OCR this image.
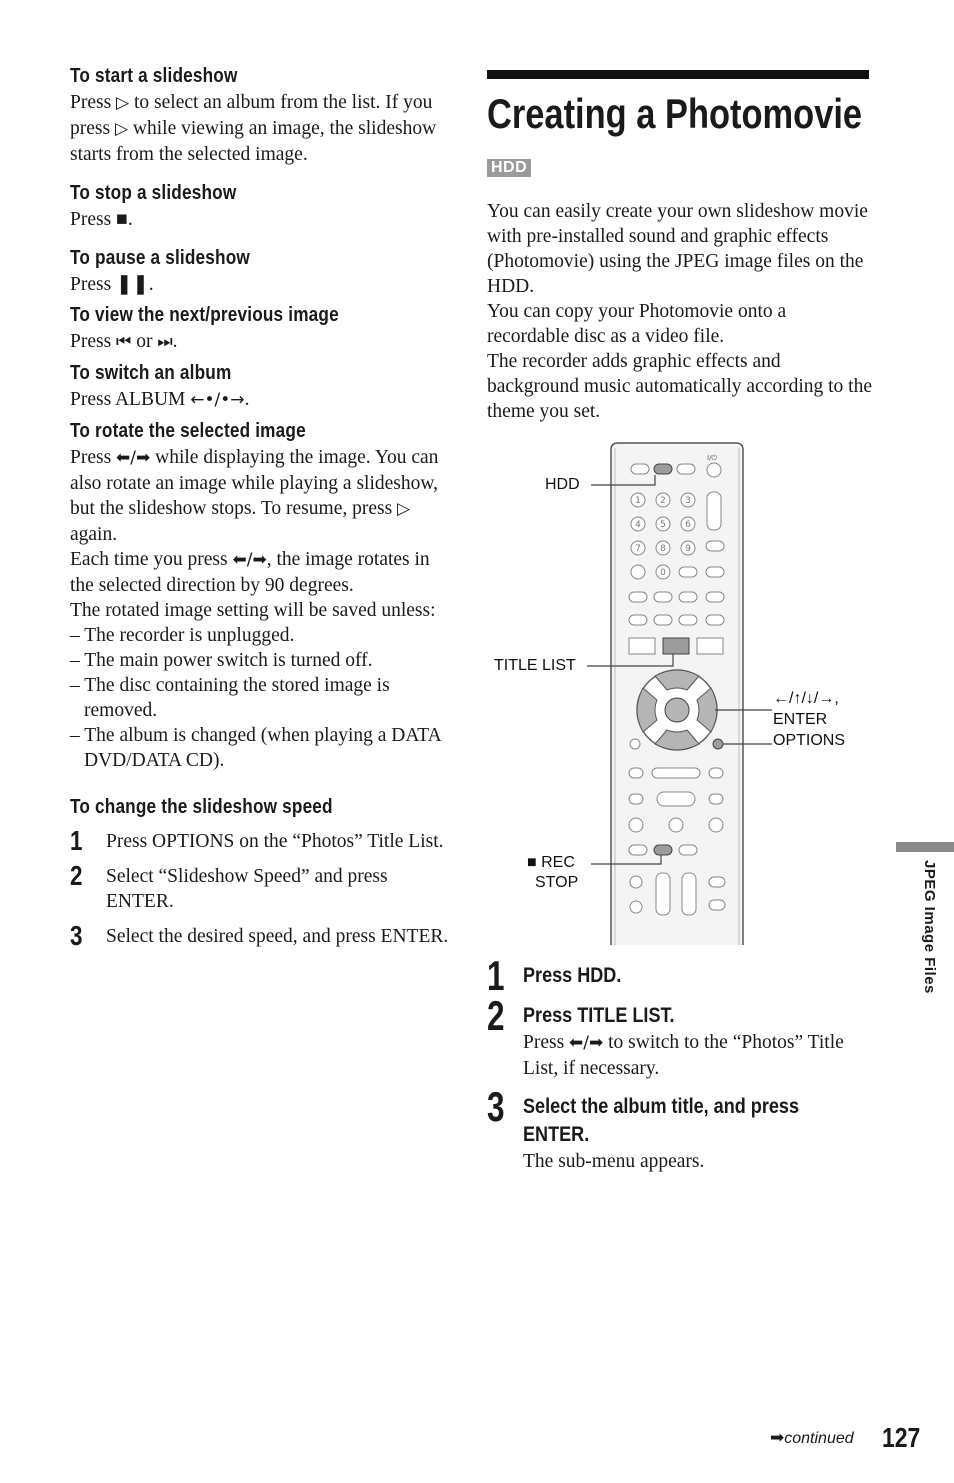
To start a slideshow

Press ▷ to select an album from the list. If you press ▷ while viewing an image, the slideshow starts from the selected image.

To stop a slideshow

Press ■.

To pause a slideshow

Press ❚❚.

To view the next/previous image

Press ⏮ or ⏭.

To switch an album

Press ALBUM ←•/•→.

To rotate the selected image

Press ⬅/➡ while displaying the image. You can also rotate an image while playing a slideshow, but the slideshow stops. To resume, press ▷ again.

Each time you press ⬅/➡, the image rotates in the selected direction by 90 degrees.

The rotated image setting will be saved unless:

– The recorder is unplugged.

– The main power switch is turned off.

– The disc containing the stored image is removed.

– The album is changed (when playing a DATA DVD/DATA CD).

To change the slideshow speed
1 Press OPTIONS on the “Photos” Title List.

2 Select “Slideshow Speed” and press ENTER.

3 Select the desired speed, and press ENTER.

Creating a Photomovie
HDD

You can easily create your own slideshow movie with pre-installed sound and graphic effects (Photomovie) using the JPEG image files on the HDD.

You can copy your Photomovie onto a recordable disc as a video file.

The recorder adds graphic effects and background music automatically according to the theme you set.

I/⏻
1 2 3
4 5 6
7 8 9
0
HDD
TITLE LIST
←/↑/↓/→,
ENTER
OPTIONS
■ REC
STOP
1 Press HDD.

2 Press TITLE LIST.

Press ⬅/➡ to switch to the “Photos” Title List, if necessary.

3 Select the album title, and press

ENTER.

The sub-menu appears.

JPEG Image Files
➡continued 127
